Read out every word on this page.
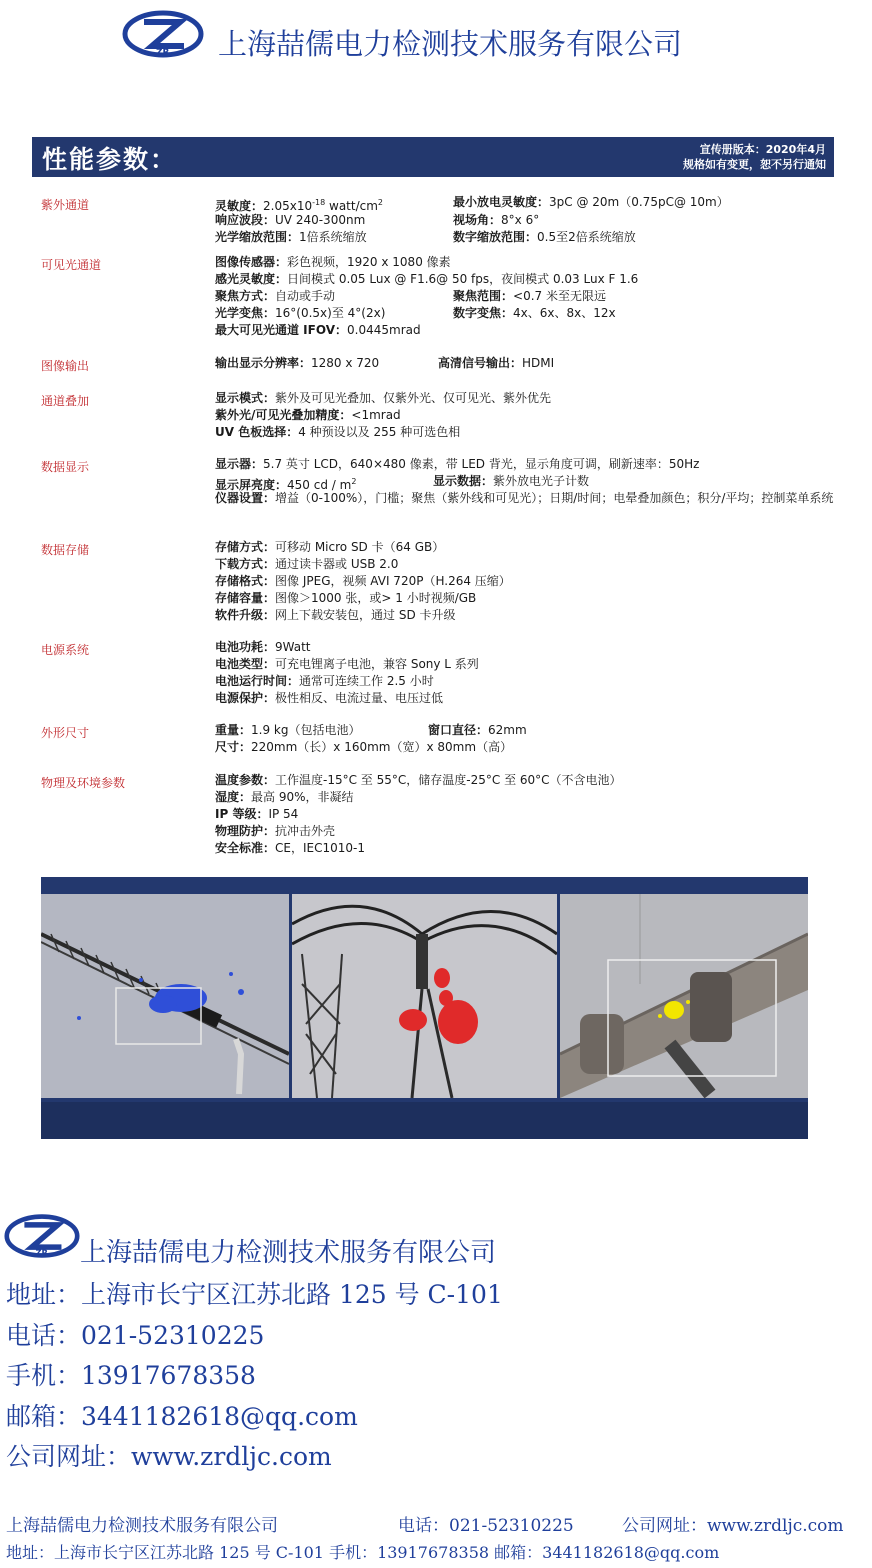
ZR 上海喆儒电力检测技术服务有限公司
性能参数：	宣传册版本：2020年4月
规格如有变更，恕不另行通知
紫外通道	灵敏度：$2.05x10^{-18}$ watt/$cm^2$	最小放电灵敏度：3pC @ 20m（0.75pC@ 10m）
响应波段：UV 240-300nm	视场角：8°x 6°
光学缩放范围：1倍系统缩放	数字缩放范围：0.5至2倍系统缩放
可见光通道	图像传感器：彩色视频，1920 x 1080 像素
感光灵敏度：日间模式 0.05 Lux @ F1.6@ 50 fps，夜间模式 0.03 Lux F 1.6
聚焦方式：自动或手动	聚焦范围：<0.7 米至无限远
光学变焦：16°(0.5x)至 4°(2x)	数字变焦：4x、6x、8x、12x
最大可见光通道 IFOV：0.0445mrad
图像输出	输出显示分辨率：1280 x 720	高清信号输出：HDMI
通道叠加	显示模式：紫外及可见光叠加、仅紫外光、仅可见光、紫外优先
紫外光/可见光叠加精度：<1mrad
UV 色板选择：4 种预设以及 255 种可选色相
数据显示	显示器：5.7 英寸 LCD，640×480 像素，带 LED 背光，显示角度可调，刷新速率：50Hz
显示屏亮度：450 cd / $m^2$	显示数据：紫外放电光子计数
仪器设置：增益（0-100%），门槛；聚焦（紫外线和可见光）；日期/时间；电晕叠加颜色；积分/平均；控制菜单系统
数据存储	存储方式：可移动 Micro SD 卡（64 GB）
下载方式：通过读卡器或 USB 2.0
存储格式：图像 JPEG，视频 AVI 720P（H.264 压缩）
存储容量：图像＞1000 张，或> 1 小时视频/GB
软件升级：网上下载安装包，通过 SD 卡升级
电源系统	电池功耗：9Watt
电池类型：可充电锂离子电池，兼容 Sony L 系列
电池运行时间：通常可连续工作 2.5 小时
电源保护：极性相反、电流过量、电压过低
外形尺寸	重量：1.9 kg（包括电池）	窗口直径：62mm
尺寸：220mm（长）x 160mm（宽）x 80mm（高）
物理及环境参数	温度参数：工作温度-15°C 至 55°C，储存温度-25°C 至 60°C（不含电池）
湿度：最高 90%，非凝结
IP 等级：IP 54
物理防护：抗冲击外壳
安全标准：CE，IEC1010-1
ZR 上海喆儒电力检测技术服务有限公司
地址：上海市长宁区江苏北路 125 号 C-101
电话：021-52310225
手机：13917678358
邮箱：3441182618@qq.com
公司网址：www.zrdljc.com
上海喆儒电力检测技术服务有限公司	电话：021-52310225	公司网址：www.zrdljc.com
地址：上海市长宁区江苏北路 125 号 C-101 手机：13917678358 邮箱：3441182618@qq.com
